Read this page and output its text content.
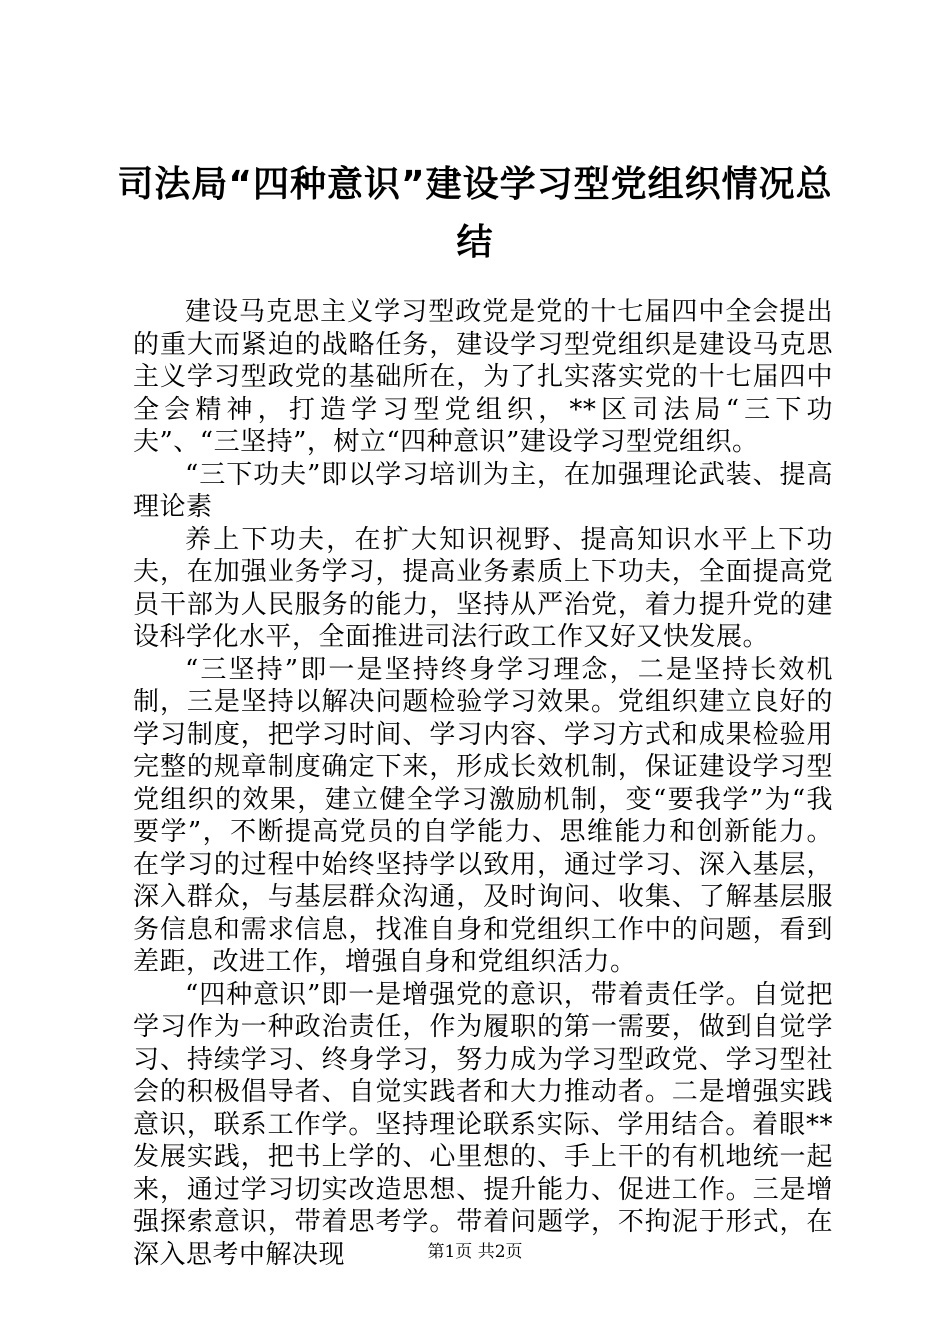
司法局“四种意识”建设学习型党组织情况总结

建设马克思主义学习型政党是党的十七届四中全会提出的重大而紧迫的战略任务，建设学习型党组织是建设马克思主义学习型政党的基础所在，为了扎实落实党的十七届四中全会精神，打造学习型党组织，**区司法局“三下功夫”、“三坚持”，树立“四种意识”建设学习型党组织。

“三下功夫”即以学习培训为主，在加强理论武装、提高理论素

养上下功夫，在扩大知识视野、提高知识水平上下功夫，在加强业务学习，提高业务素质上下功夫，全面提高党员干部为人民服务的能力，坚持从严治党，着力提升党的建设科学化水平，全面推进司法行政工作又好又快发展。

“三坚持”即一是坚持终身学习理念，二是坚持长效机制，三是坚持以解决问题检验学习效果。党组织建立良好的学习制度，把学习时间、学习内容、学习方式和成果检验用完整的规章制度确定下来，形成长效机制，保证建设学习型党组织的效果，建立健全学习激励机制，变“要我学”为“我要学”，不断提高党员的自学能力、思维能力和创新能力。在学习的过程中始终坚持学以致用，通过学习、深入基层，深入群众，与基层群众沟通，及时询问、收集、了解基层服务信息和需求信息，找准自身和党组织工作中的问题，看到差距，改进工作，增强自身和党组织活力。

“四种意识”即一是增强党的意识，带着责任学。自觉把学习作为一种政治责任，作为履职的第一需要，做到自觉学习、持续学习、终身学习，努力成为学习型政党、学习型社会的积极倡导者、自觉实践者和大力推动者。二是增强实践意识，联系工作学。坚持理论联系实际、学用结合。着眼**发展实践，把书上学的、心里想的、手上干的有机地统一起来，通过学习切实改造思想、提升能力、促进工作。三是增强探索意识，带着思考学。带着问题学，不拘泥于形式，在深入思考中解决现	第1页 共2页
